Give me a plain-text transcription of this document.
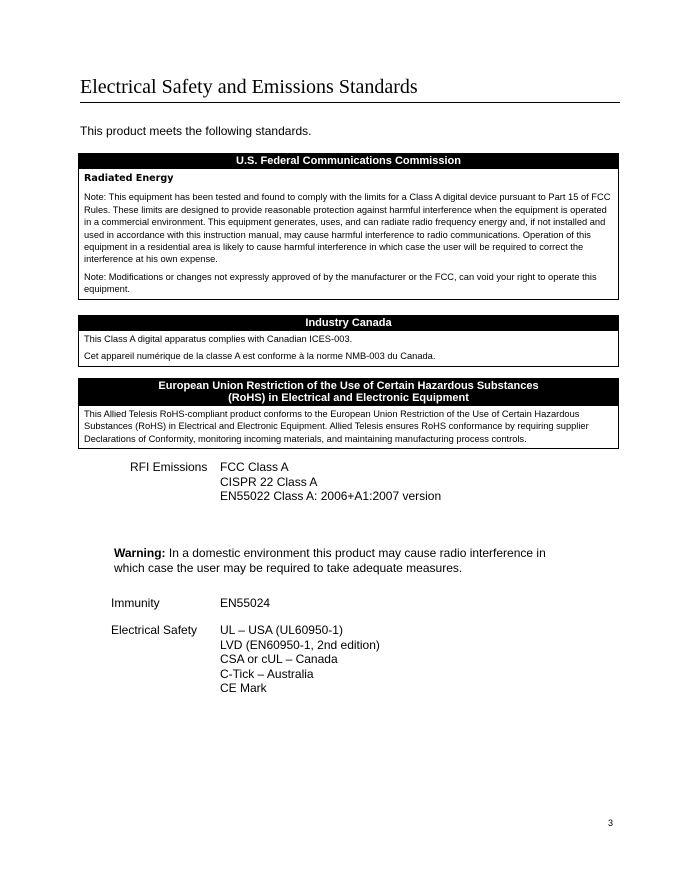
Electrical Safety and Emissions Standards

This product meets the following standards.

U.S. Federal Communications Commission

Radiated Energy

Note: This equipment has been tested and found to comply with the limits for a Class A digital device pursuant to Part 15 of FCC Rules. These limits are designed to provide reasonable protection against harmful interference when the equipment is operated in a commercial environment. This equipment generates, uses, and can radiate radio frequency energy and, if not installed and used in accordance with this instruction manual, may cause harmful interference to radio communications. Operation of this equipment in a residential area is likely to cause harmful interference in which case the user will be required to correct the interference at his own expense.

Note: Modifications or changes not expressly approved of by the manufacturer or the FCC, can void your right to operate this equipment.

Industry Canada

This Class A digital apparatus complies with Canadian ICES-003.

Cet appareil numérique de la classe A est conforme à la norme NMB-003 du Canada.

European Union Restriction of the Use of Certain Hazardous Substances
(RoHS) in Electrical and Electronic Equipment

This Allied Telesis RoHS-compliant product conforms to the European Union Restriction of the Use of Certain Hazardous Substances (RoHS) in Electrical and Electronic Equipment. Allied Telesis ensures RoHS conformance by requiring supplier Declarations of Conformity, monitoring incoming materials, and maintaining manufacturing process controls.

RFI Emissions FCC Class A
CISPR 22 Class A
EN55022 Class A: 2006+A1:2007 version

Warning: In a domestic environment this product may cause radio interference in which case the user may be required to take adequate measures.

Immunity	EN55024
Electrical Safety UL – USA (UL60950-1)
LVD (EN60950-1, 2nd edition)
CSA or cUL – Canada
C-Tick – Australia
CE Mark
3
